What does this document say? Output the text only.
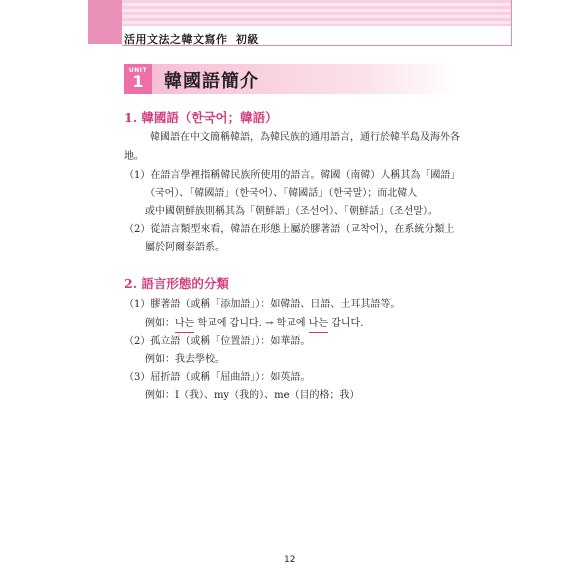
活用文法之韓文寫作 初級
UNIT
1	韓國語簡介
1. 韓國語（한국어；韓語）
韓國語在中文簡稱韓語，為韓民族的通用語言，通行於韓半島及海外各
地。
（1）在語言學裡指稱韓民族所使用的語言。韓國（南韓）人稱其為「國語」
（국어）、「韓國語」（한국어）、「韓國話」（한국말）；而北韓人
或中國朝鮮族則稱其為「朝鮮語」（조선어）、「朝鮮話」（조선말）。
（2）從語言類型來看，韓語在形態上屬於膠著語（교착어），在系統分類上
屬於阿爾泰語系。
2. 語言形態的分類
（1）膠著語（或稱「添加語」）：如韓語、日語、土耳其語等。
例如：나는 학교에 갑니다. → 학교에 나는 갑니다.
（2）孤立語（或稱「位置語」）：如華語。
例如：我去學校。
（3）屈折語（或稱「屈曲語」）：如英語。
例如：I（我）、my（我的）、me（目的格；我）
12
